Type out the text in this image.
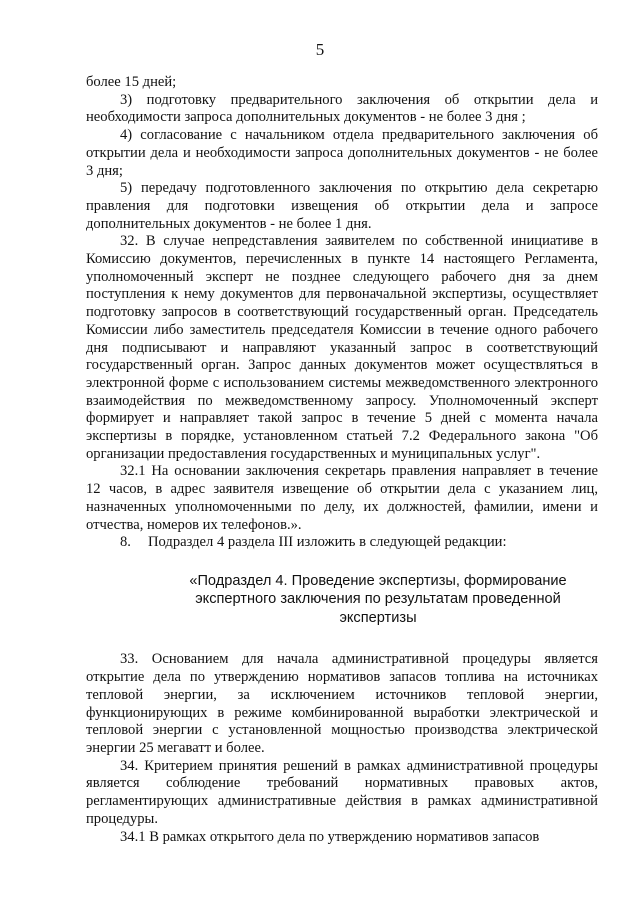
5

более 15 дней;

3) подготовку предварительного заключения об открытии дела и необходимости запроса дополнительных документов - не более 3 дня ;

4) согласование с начальником отдела предварительного заключения об открытии дела и необходимости запроса дополнительных документов - не более 3 дня;

5) передачу подготовленного заключения по открытию дела секретарю правления для подготовки извещения об открытии дела и запросе дополнительных документов - не более 1 дня.

32. В случае непредставления заявителем по собственной инициативе в Комиссию документов, перечисленных в пункте 14 настоящего Регламента, уполномоченный эксперт не позднее следующего рабочего дня за днем поступления к нему документов для первоначальной экспертизы, осуществляет подготовку запросов в соответствующий государственный орган. Председатель Комиссии либо заместитель председателя Комиссии в течение одного рабочего дня подписывают и направляют указанный запрос в соответствующий государственный орган. Запрос данных документов может осуществляться в электронной форме с использованием системы межведомственного электронного взаимодействия по межведомственному запросу. Уполномоченный эксперт формирует и направляет такой запрос в течение 5 дней с момента начала экспертизы в порядке, установленном статьей 7.2 Федерального закона "Об организации предоставления государственных и муниципальных услуг".

32.1 На основании заключения секретарь правления направляет в течение 12 часов, в адрес заявителя извещение об открытии дела с указанием лиц, назначенных уполномоченными по делу, их должностей, фамилии, имени и отчества, номеров их телефонов.».

8.	Подраздел 4 раздела III изложить в следующей редакции:
«Подраздел 4. Проведение экспертизы, формирование экспертного заключения по результатам проведенной экспертизы

33. Основанием для начала административной процедуры является открытие дела по утверждению нормативов запасов топлива на источниках тепловой энергии, за исключением источников тепловой энергии, функционирующих в режиме комбинированной выработки электрической и тепловой энергии с установленной мощностью производства электрической энергии 25 мегаватт и более.

34. Критерием принятия решений в рамках административной процедуры является соблюдение требований нормативных правовых актов, регламентирующих административные действия в рамках административной процедуры.

34.1 В рамках открытого дела по утверждению нормативов запасов
